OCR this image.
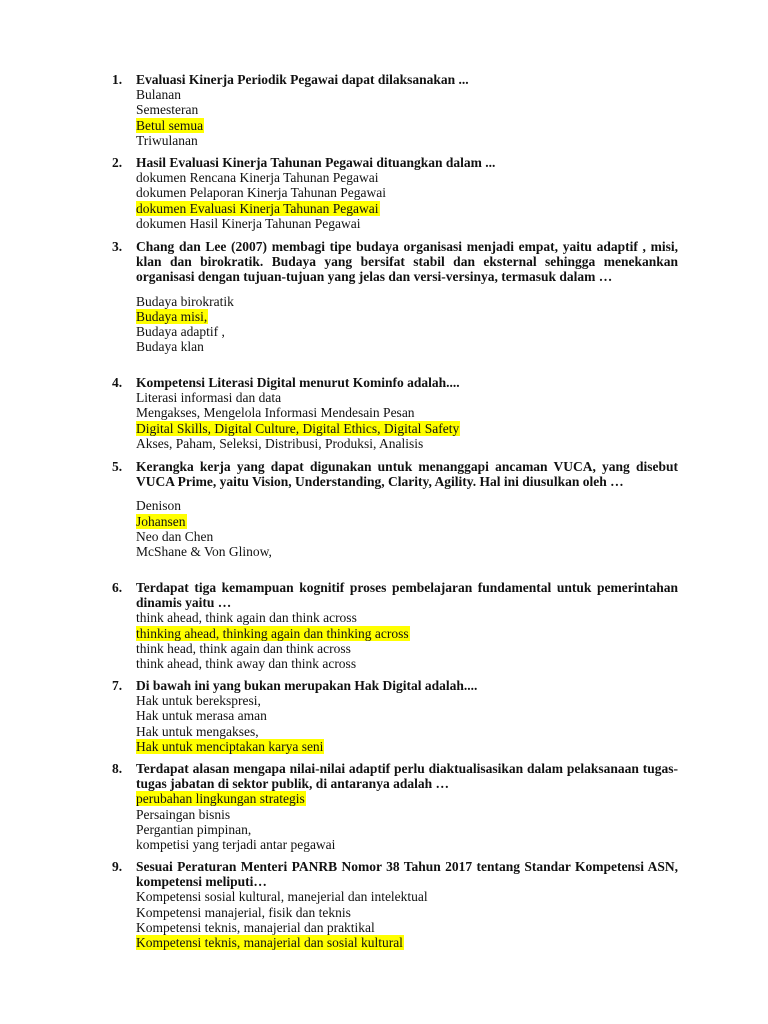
1.	Evaluasi Kinerja Periodik Pegawai dapat dilaksanakan ...
Bulanan
Semesteran
Betul semua
Triwulanan
2.	Hasil Evaluasi Kinerja Tahunan Pegawai dituangkan dalam ...
dokumen Rencana Kinerja Tahunan Pegawai
dokumen Pelaporan Kinerja Tahunan Pegawai
dokumen Evaluasi Kinerja Tahunan Pegawai
dokumen Hasil Kinerja Tahunan Pegawai
3.	Chang dan Lee (2007) membagi tipe budaya organisasi menjadi empat, yaitu adaptif , misi, klan dan birokratik. Budaya yang bersifat stabil dan eksternal sehingga menekankan organisasi dengan tujuan-tujuan yang jelas dan versi-versinya, termasuk dalam …
Budaya birokratik
Budaya misi,
Budaya adaptif ,
Budaya klan
4.	Kompetensi Literasi Digital menurut Kominfo adalah....
Literasi informasi dan data
Mengakses, Mengelola Informasi Mendesain Pesan
Digital Skills, Digital Culture, Digital Ethics, Digital Safety
Akses, Paham, Seleksi, Distribusi, Produksi, Analisis
5.	Kerangka kerja yang dapat digunakan untuk menanggapi ancaman VUCA, yang disebut VUCA Prime, yaitu Vision, Understanding, Clarity, Agility. Hal ini diusulkan oleh …
Denison
Johansen
Neo dan Chen
McShane & Von Glinow,
6.	Terdapat tiga kemampuan kognitif proses pembelajaran fundamental untuk pemerintahan dinamis yaitu …
think ahead, think again dan think across
thinking ahead, thinking again dan thinking across
think head, think again dan think across
think ahead, think away dan think across
7.	Di bawah ini yang bukan merupakan Hak Digital adalah....
Hak untuk berekspresi,
Hak untuk merasa aman
Hak untuk mengakses,
Hak untuk menciptakan karya seni
8.	Terdapat alasan mengapa nilai-nilai adaptif perlu diaktualisasikan dalam pelaksanaan tugas-tugas jabatan di sektor publik, di antaranya adalah …
perubahan lingkungan strategis
Persaingan bisnis
Pergantian pimpinan,
kompetisi yang terjadi antar pegawai
9.	Sesuai Peraturan Menteri PANRB Nomor 38 Tahun 2017 tentang Standar Kompetensi ASN, kompetensi meliputi…
Kompetensi sosial kultural, manejerial dan intelektual
Kompetensi manajerial, fisik dan teknis
Kompetensi teknis, manajerial dan praktikal
Kompetensi teknis, manajerial dan sosial kultural
